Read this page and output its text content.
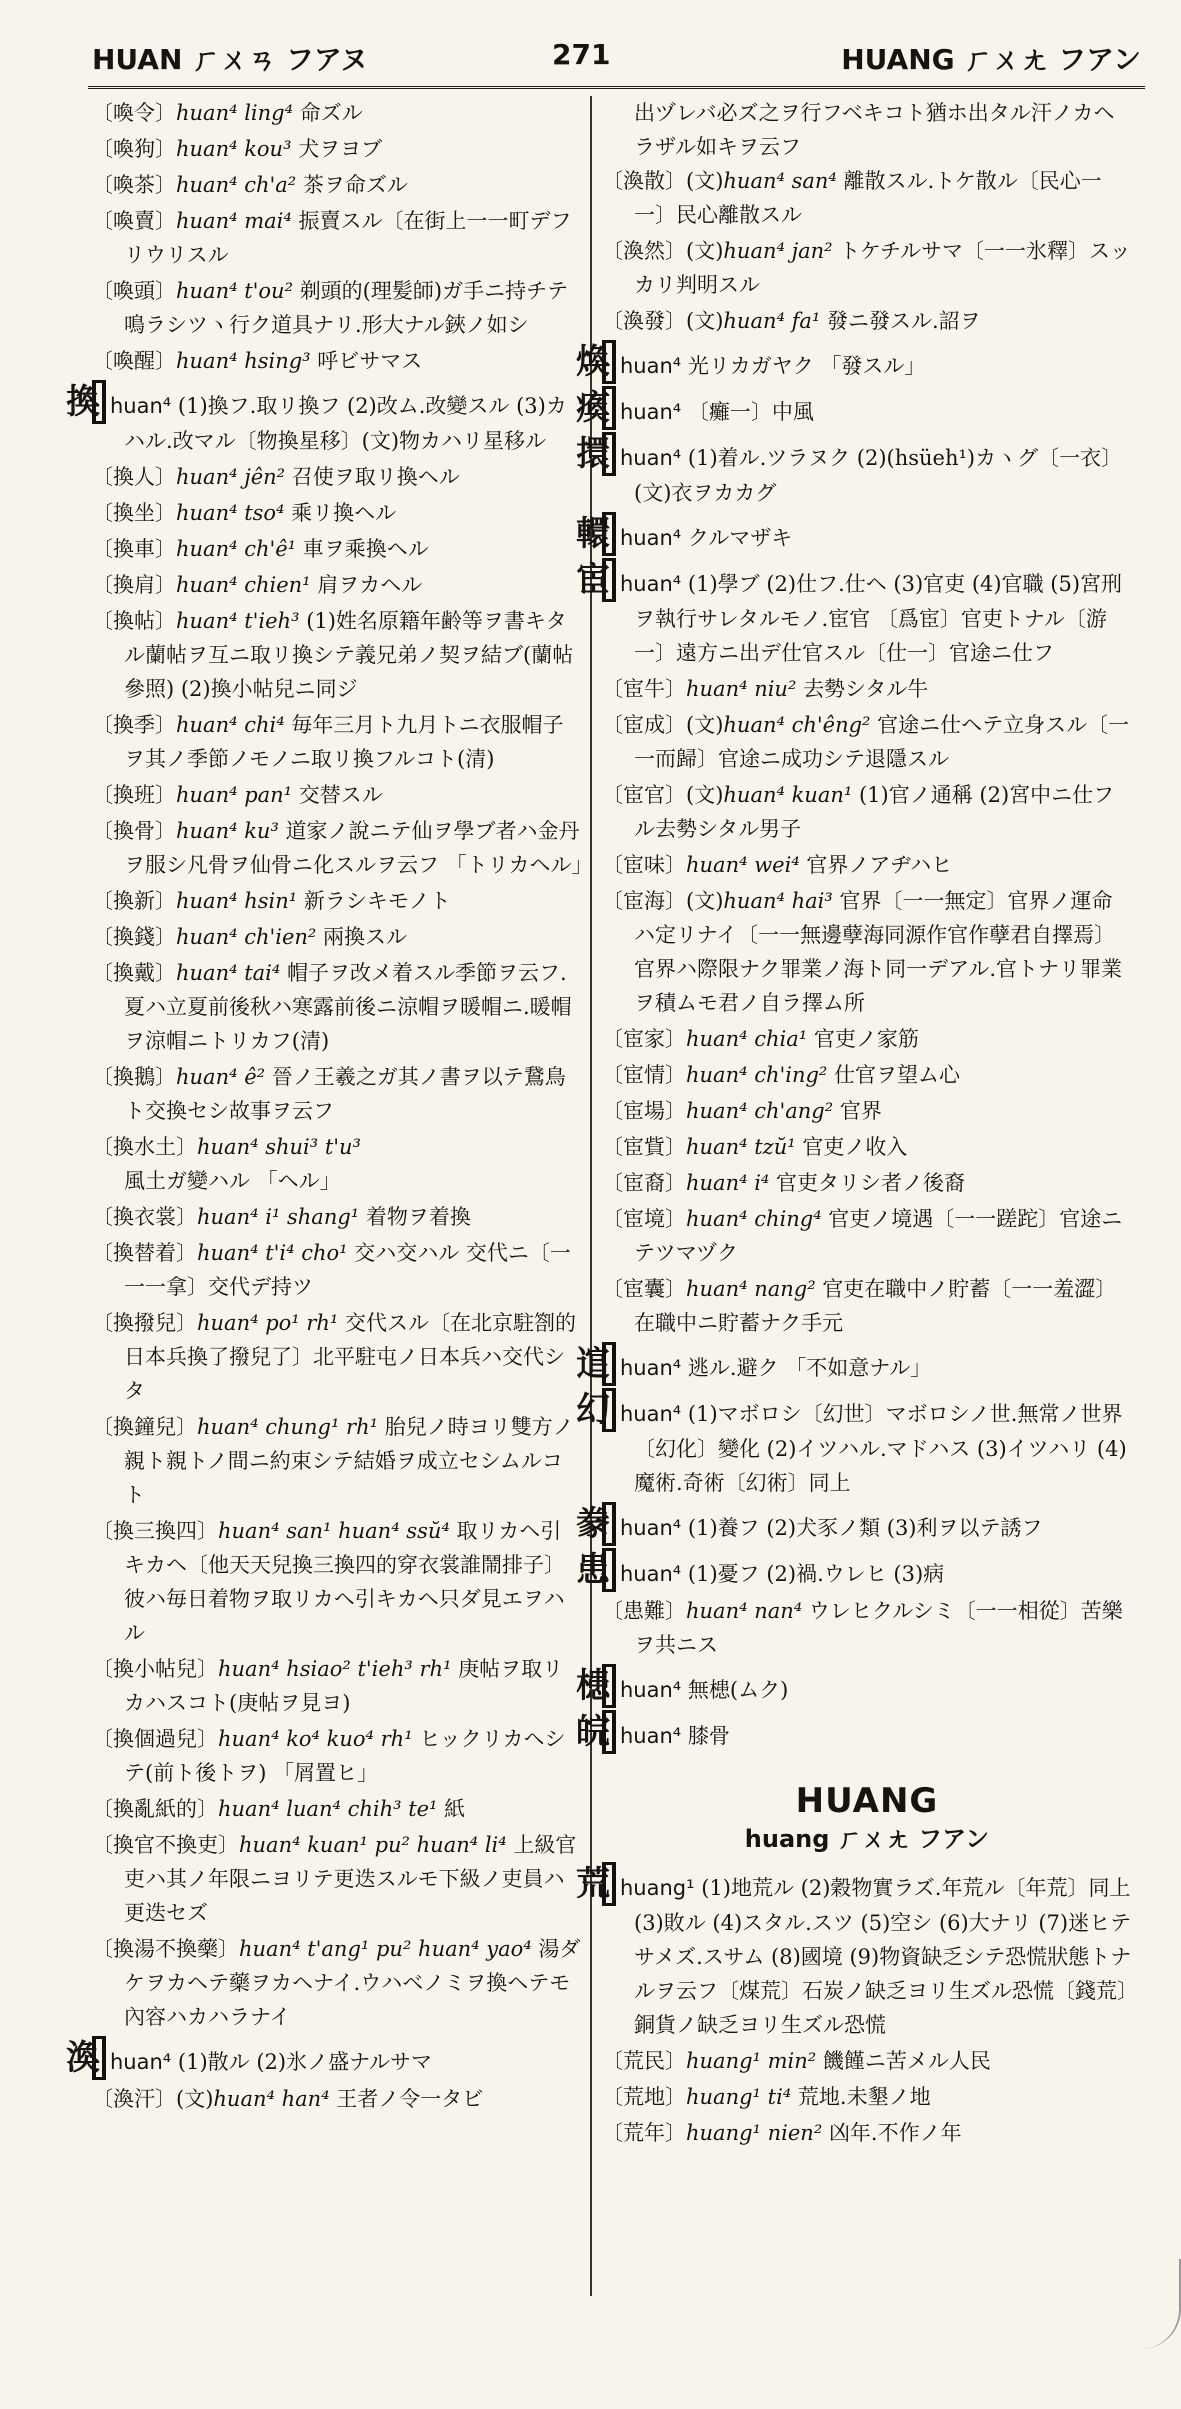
HUAN ㄏㄨㄢ フアヌ	271	HUANG ㄏㄨㄤ フアン
〔喚令〕huan⁴ ling⁴ 命ズル
〔喚狗〕huan⁴ kou³ 犬ヲヨブ
〔喚茶〕huan⁴ ch'a² 茶ヲ命ズル
〔喚賣〕huan⁴ mai⁴ 振賣スル〔在街上一一町デフリウリスル
〔喚頭〕huan⁴ t'ou² 剃頭的(理髪師)ガ手ニ持チテ鳴ラシツヽ行ク道具ナリ.形大ナル鋏ノ如シ
〔喚醒〕huan⁴ hsing³ 呼ビサマス
換 huan⁴ (1)換フ.取リ換フ (2)改ム.改變スル (3)カハル.改マル〔物換星移〕(文)物カハリ星移ル
〔換人〕huan⁴ jên² 召使ヲ取リ換ヘル
〔換坐〕huan⁴ tso⁴ 乘リ換ヘル
〔換車〕huan⁴ ch'ê¹ 車ヲ乘換ヘル
〔換肩〕huan⁴ chien¹ 肩ヲカヘル
〔換帖〕huan⁴ t'ieh³ (1)姓名原籍年齢等ヲ書キタル蘭帖ヲ互ニ取リ換シテ義兄弟ノ契ヲ結ブ(蘭帖參照) (2)換小帖兒ニ同ジ
〔換季〕huan⁴ chi⁴ 毎年三月ト九月トニ衣服帽子ヲ其ノ季節ノモノニ取リ換フルコト(清)
〔換班〕huan⁴ pan¹ 交替スル
〔換骨〕huan⁴ ku³ 道家ノ說ニテ仙ヲ學ブ者ハ金丹ヲ服シ凡骨ヲ仙骨ニ化スルヲ云フ 「トリカヘル」
〔換新〕huan⁴ hsin¹ 新ラシキモノト
〔換錢〕huan⁴ ch'ien² 兩換スル
〔換戴〕huan⁴ tai⁴ 帽子ヲ改メ着スル季節ヲ云フ.夏ハ立夏前後秋ハ寒露前後ニ涼帽ヲ暖帽ニ.暖帽ヲ涼帽ニトリカフ(清)
〔換鵝〕huan⁴ ê² 晉ノ王羲之ガ其ノ書ヲ以テ鵞鳥ト交換セシ故事ヲ云フ
〔換水土〕huan⁴ shui³ t'u³ 風土ガ變ハル 「ヘル」
〔換衣裳〕huan⁴ i¹ shang¹ 着物ヲ着換
〔換替着〕huan⁴ t'i⁴ cho¹ 交ハ交ハル 交代ニ〔一一一拿〕交代デ持ツ
〔換撥兒〕huan⁴ po¹ rh¹ 交代スル〔在北京駐劄的日本兵換了撥兒了〕北平駐屯ノ日本兵ハ交代シタ
〔換鐘兒〕huan⁴ chung¹ rh¹ 胎兒ノ時ヨリ雙方ノ親ト親トノ間ニ約束シテ結婚ヲ成立セシムルコト
〔換三換四〕huan⁴ san¹ huan⁴ ssŭ⁴ 取リカヘ引キカヘ〔他天天兒換三換四的穿衣裳誰鬧排子〕彼ハ毎日着物ヲ取リカヘ引キカヘ只ダ見エヲハル
〔換小帖兒〕huan⁴ hsiao² t'ieh³ rh¹ 庚帖ヲ取リカハスコト(庚帖ヲ見ヨ)
〔換個過兒〕huan⁴ ko⁴ kuo⁴ rh¹ ヒックリカヘシテ(前ト後トヲ) 「屑置ヒ」
〔換亂紙的〕huan⁴ luan⁴ chih³ te¹ 紙
〔換官不換吏〕huan⁴ kuan¹ pu² huan⁴ li⁴ 上級官吏ハ其ノ年限ニヨリテ更迭スルモ下級ノ吏員ハ更迭セズ
〔換湯不換藥〕huan⁴ t'ang¹ pu² huan⁴ yao⁴ 湯ダケヲカヘテ藥ヲカヘナイ.ウハベノミヲ換ヘテモ內容ハカハラナイ
渙 huan⁴ (1)散ル (2)氷ノ盛ナルサマ
〔渙汗〕(文)huan⁴ han⁴ 王者ノ令一タビ
出ヅレバ必ズ之ヲ行フベキコト猶ホ出タル汗ノカヘラザル如キヲ云フ
〔渙散〕(文)huan⁴ san⁴ 離散スル.トケ散ル〔民心一一〕民心離散スル
〔渙然〕(文)huan⁴ jan² トケチルサマ〔一一氷釋〕スッカリ判明スル
〔渙發〕(文)huan⁴ fa¹ 發ニ發スル.詔ヲ
煥 huan⁴ 光リカガヤク 「發スル」
瘓 huan⁴ 〔癱一〕中風
擐 huan⁴ (1)着ル.ツラヌク (2)(hsüeh¹)カヽグ〔一衣〕(文)衣ヲカカグ
轘 huan⁴ クルマザキ
宦 huan⁴ (1)學ブ (2)仕フ.仕ヘ (3)官吏 (4)官職 (5)宮刑ヲ執行サレタルモノ.宦官 〔爲宦〕官吏トナル〔游一〕遠方ニ出デ仕官スル〔仕一〕官途ニ仕フ
〔宦牛〕huan⁴ niu² 去勢シタル牛
〔宦成〕(文)huan⁴ ch'êng² 官途ニ仕ヘテ立身スル〔一一而歸〕官途ニ成功シテ退隱スル
〔宦官〕(文)huan⁴ kuan¹ (1)官ノ通稱 (2)宮中ニ仕フル去勢シタル男子
〔宦味〕huan⁴ wei⁴ 官界ノアヂハヒ
〔宦海〕(文)huan⁴ hai³ 官界〔一一無定〕官界ノ運命ハ定リナイ〔一一無邊孽海同源作官作孽君自擇焉〕官界ハ際限ナク罪業ノ海ト同一デアル.官トナリ罪業ヲ積ムモ君ノ自ラ擇ム所
〔宦家〕huan⁴ chia¹ 官吏ノ家筋
〔宦情〕huan⁴ ch'ing² 仕官ヲ望ム心
〔宦場〕huan⁴ ch'ang² 官界
〔宦貲〕huan⁴ tzŭ¹ 官吏ノ收入
〔宦裔〕huan⁴ i⁴ 官吏タリシ者ノ後裔
〔宦境〕huan⁴ ching⁴ 官吏ノ境遇〔一一蹉跎〕官途ニテツマヅク
〔宦囊〕huan⁴ nang² 官吏在職中ノ貯蓄〔一一羞澀〕在職中ニ貯蓄ナク手元
逭 huan⁴ 逃ル.避ク 「不如意ナル」
幻 huan⁴ (1)マボロシ〔幻世〕マボロシノ世.無常ノ世界〔幻化〕變化 (2)イツハル.マドハス (3)イツハリ (4)魔術.奇術〔幻術〕同上
豢 huan⁴ (1)養フ (2)犬豕ノ類 (3)利ヲ以テ誘フ
患 huan⁴ (1)憂フ (2)禍.ウレヒ (3)病
〔患難〕huan⁴ nan⁴ ウレヒクルシミ〔一一相從〕苦樂ヲ共ニス
槵 huan⁴ 無槵(ムク)
皖 huan⁴ 膝骨
HUANG
huang ㄏㄨㄤ フアン
荒 huang¹ (1)地荒ル (2)穀物實ラズ.年荒ル〔年荒〕同上 (3)敗ル (4)スタル.スツ (5)空シ (6)大ナリ (7)迷ヒテサメズ.スサム (8)國境 (9)物資缺乏シテ恐慌狀態トナルヲ云フ〔煤荒〕石炭ノ缺乏ヨリ生ズル恐慌〔錢荒〕銅貨ノ缺乏ヨリ生ズル恐慌
〔荒民〕huang¹ min² 饑饉ニ苦メル人民
〔荒地〕huang¹ ti⁴ 荒地.未墾ノ地
〔荒年〕huang¹ nien² 凶年.不作ノ年
